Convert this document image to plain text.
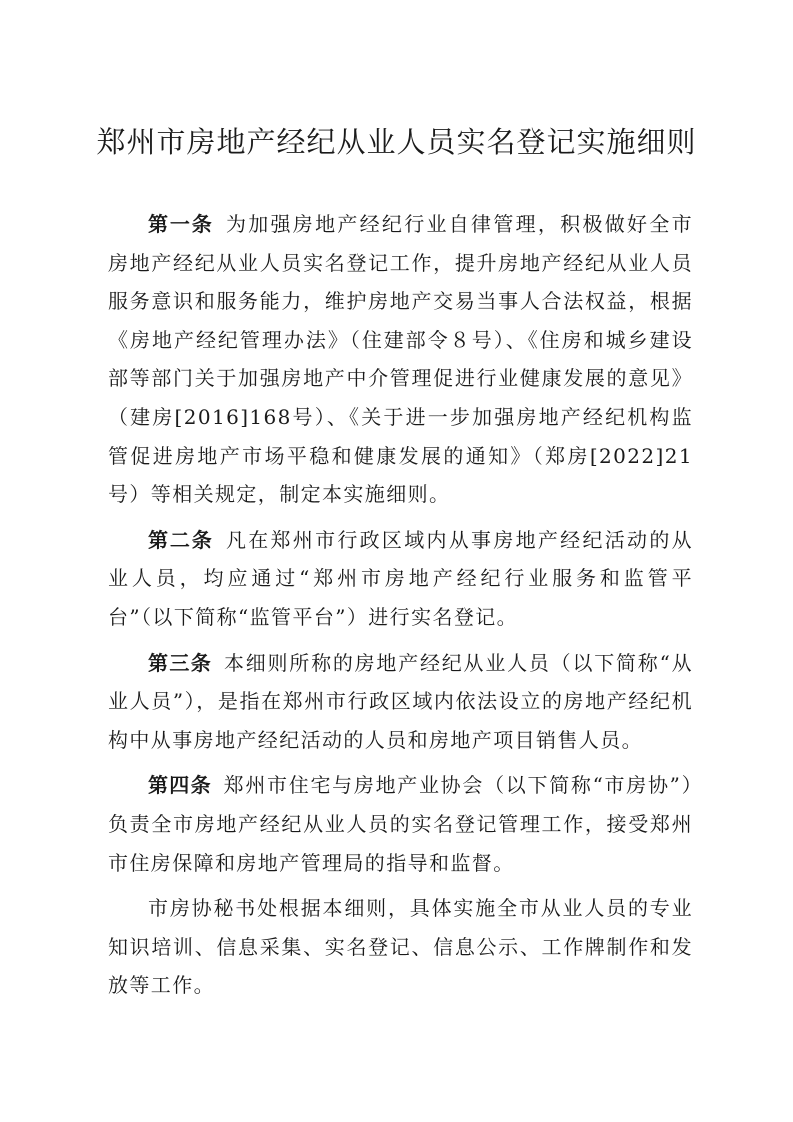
郑州市房地产经纪从业人员实名登记实施细则

第一条  为加强房地产经纪行业自律管理，积极做好全市房地产经纪从业人员实名登记工作，提升房地产经纪从业人员服务意识和服务能力，维护房地产交易当事人合法权益，根据《房地产经纪管理办法》（住建部令８号）、《住房和城乡建设部等部门关于加强房地产中介管理促进行业健康发展的意见》（建房[2016]168号）、《关于进一步加强房地产经纪机构监管促进房地产市场平稳和健康发展的通知》（郑房[2022]21号）等相关规定，制定本实施细则。

第二条  凡在郑州市行政区域内从事房地产经纪活动的从业人员，均应通过“郑州市房地产经纪行业服务和监管平台”（以下简称“监管平台”）进行实名登记。

第三条  本细则所称的房地产经纪从业人员（以下简称“从业人员”），是指在郑州市行政区域内依法设立的房地产经纪机构中从事房地产经纪活动的人员和房地产项目销售人员。

第四条  郑州市住宅与房地产业协会（以下简称“市房协”）负责全市房地产经纪从业人员的实名登记管理工作，接受郑州市住房保障和房地产管理局的指导和监督。

市房协秘书处根据本细则，具体实施全市从业人员的专业知识培训、信息采集、实名登记、信息公示、工作牌制作和发放等工作。
